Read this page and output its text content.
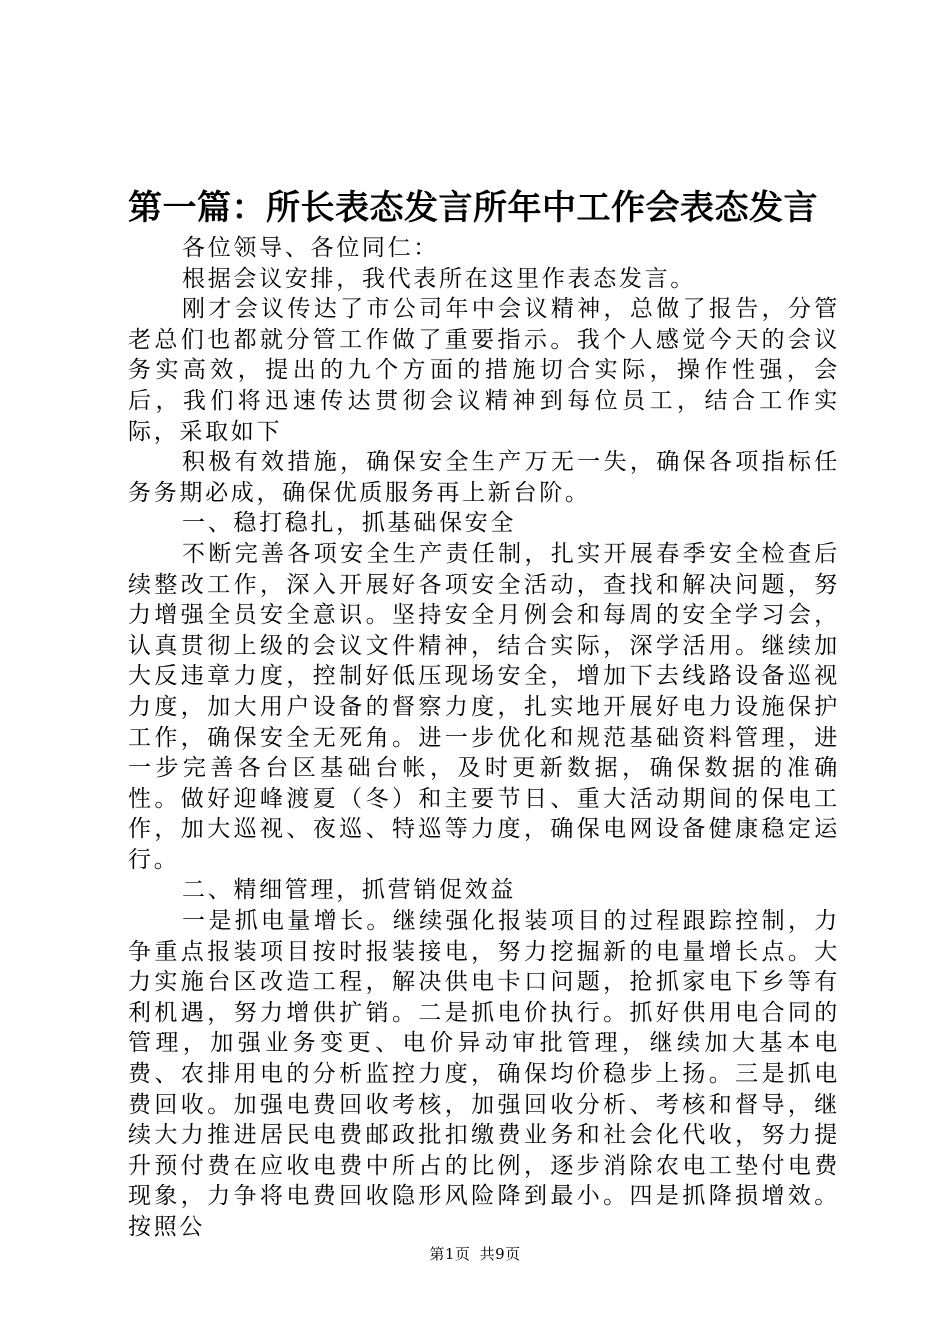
第一篇：所长表态发言所年中工作会表态发言

各位领导、各位同仁：

根据会议安排，我代表所在这里作表态发言。

刚才会议传达了市公司年中会议精神，总做了报告，分管老总们也都就分管工作做了重要指示。我个人感觉今天的会议务实高效，提出的九个方面的措施切合实际，操作性强，会后，我们将迅速传达贯彻会议精神到每位员工，结合工作实际，采取如下

积极有效措施，确保安全生产万无一失，确保各项指标任务务期必成，确保优质服务再上新台阶。

一、稳打稳扎，抓基础保安全

不断完善各项安全生产责任制，扎实开展春季安全检查后续整改工作，深入开展好各项安全活动，查找和解决问题，努力增强全员安全意识。坚持安全月例会和每周的安全学习会，认真贯彻上级的会议文件精神，结合实际，深学活用。继续加大反违章力度，控制好低压现场安全，增加下去线路设备巡视力度，加大用户设备的督察力度，扎实地开展好电力设施保护工作，确保安全无死角。进一步优化和规范基础资料管理，进一步完善各台区基础台帐，及时更新数据，确保数据的准确性。做好迎峰渡夏（冬）和主要节日、重大活动期间的保电工作，加大巡视、夜巡、特巡等力度，确保电网设备健康稳定运行。

二、精细管理，抓营销促效益

一是抓电量增长。继续强化报装项目的过程跟踪控制，力争重点报装项目按时报装接电，努力挖掘新的电量增长点。大力实施台区改造工程，解决供电卡口问题，抢抓家电下乡等有利机遇，努力增供扩销。二是抓电价执行。抓好供用电合同的管理，加强业务变更、电价异动审批管理，继续加大基本电费、农排用电的分析监控力度，确保均价稳步上扬。三是抓电费回收。加强电费回收考核，加强回收分析、考核和督导，继续大力推进居民电费邮政批扣缴费业务和社会化代收，努力提升预付费在应收电费中所占的比例，逐步消除农电工垫付电费现象，力争将电费回收隐形风险降到最小。四是抓降损增效。按照公

第1页 共9页
